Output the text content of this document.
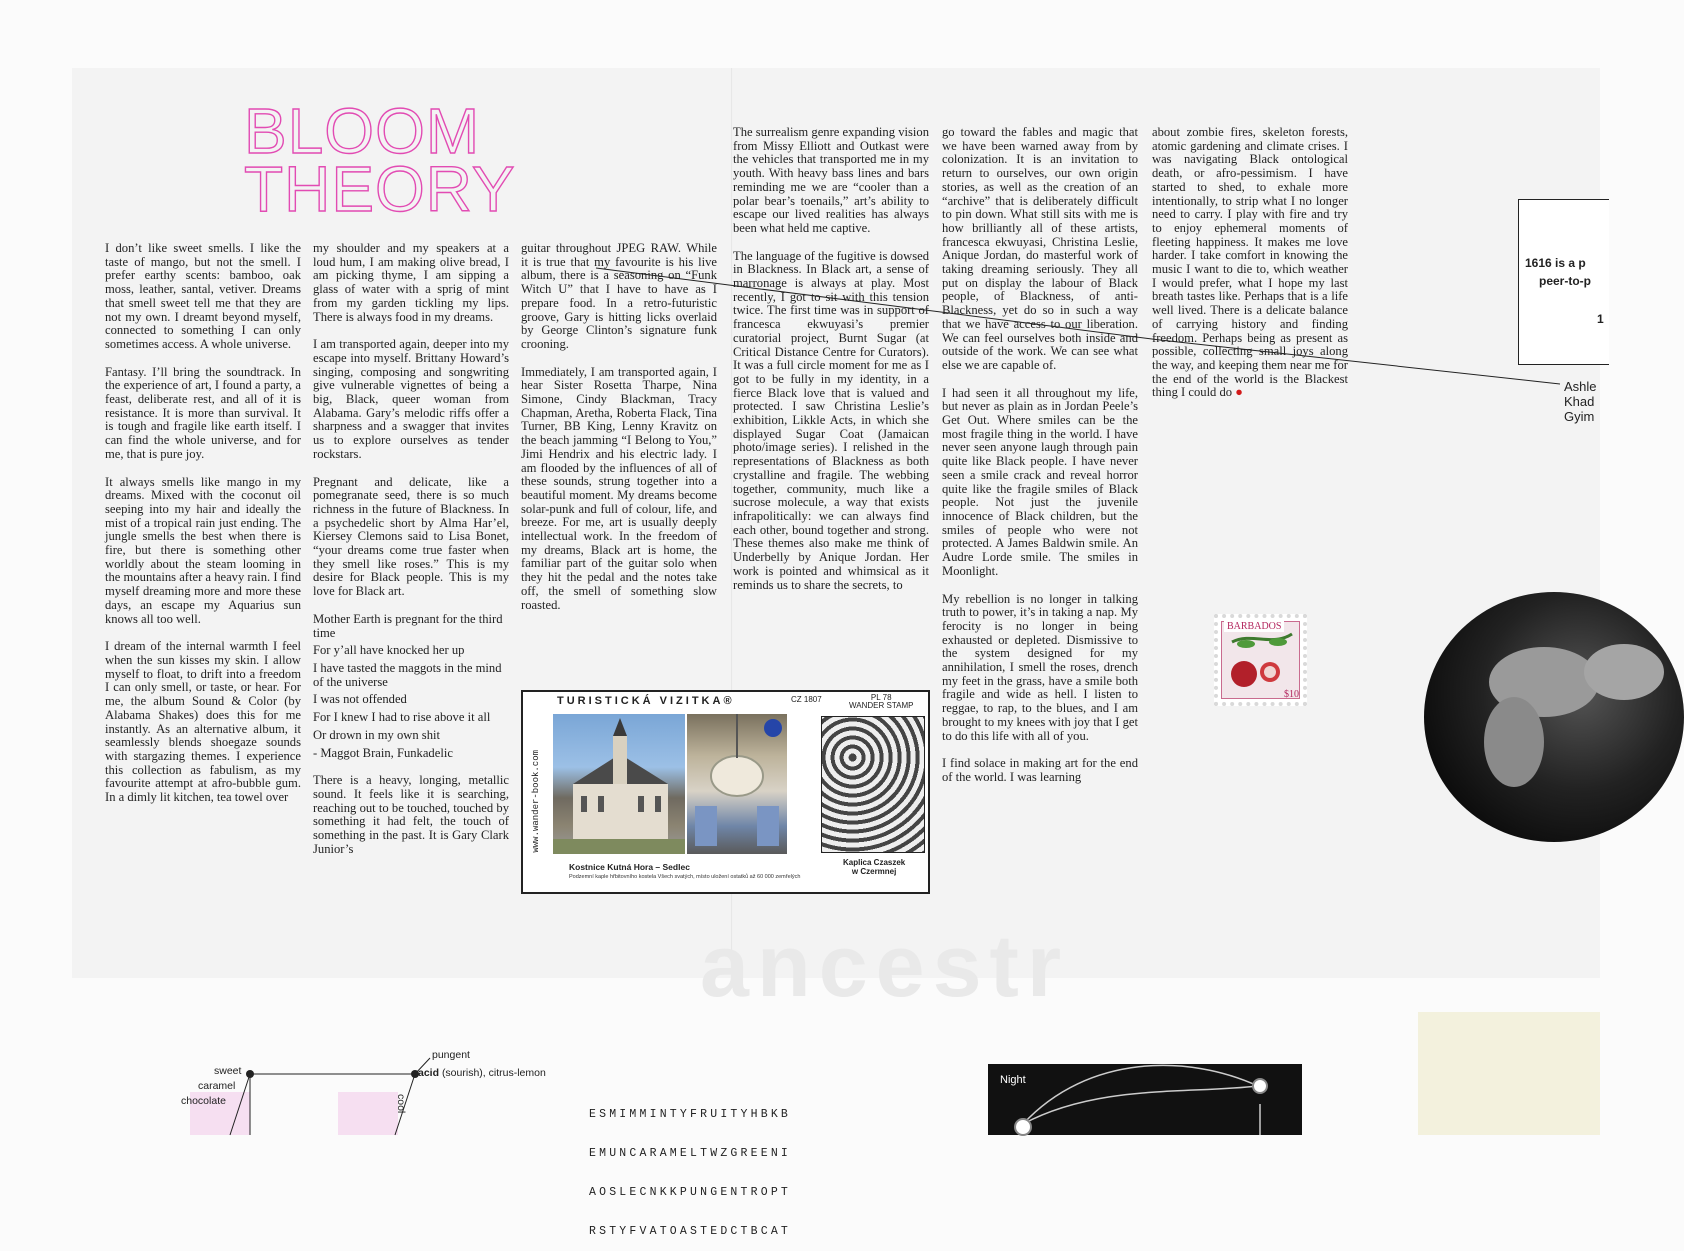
ancestr
BLOOM
THEORY

I don’t like sweet smells. I like the taste of mango, but not the smell. I prefer earthy scents: bamboo, oak moss, leather, santal, vetiver. Dreams that smell sweet tell me that they are not my own. I dreamt beyond myself, connected to something I can only sometimes access. A whole universe.

Fantasy. I’ll bring the soundtrack. In the experience of art, I found a party, a feast, deliberate rest, and all of it is resistance. It is more than survival. It is tough and fragile like earth itself. I can find the whole universe, and for me, that is pure joy.

It always smells like mango in my dreams. Mixed with the coconut oil seeping into my hair and ideally the mist of a tropical rain just ending. The jungle smells the best when there is fire, but there is something other worldly about the steam looming in the mountains after a heavy rain. I find myself dreaming more and more these days, an escape my Aquarius sun knows all too well.

I dream of the internal warmth I feel when the sun kisses my skin. I allow myself to float, to drift into a freedom I can only smell, or taste, or hear. For me, the album Sound & Color (by Alabama Shakes) does this for me instantly. As an alternative album, it seamlessly blends shoegaze sounds with stargazing themes. I experience this collection as fabulism, as my favourite attempt at afro-bubble gum. In a dimly lit kitchen, tea towel over

my shoulder and my speakers at a loud hum, I am making olive bread, I am picking thyme, I am sipping a glass of water with a sprig of mint from my garden tickling my lips. There is always food in my dreams.

I am transported again, deeper into my escape into myself. Brittany Howard’s singing, composing and songwriting give vulnerable vignettes of being a big, Black, queer woman from Alabama. Gary’s melodic riffs offer a sharpness and a swagger that invites us to explore ourselves as tender rockstars.

Pregnant and delicate, like a pomegranate seed, there is so much richness in the future of Blackness. In a psychedelic short by Alma Har’el, Kiersey Clemons said to Lisa Bonet, “your dreams come true faster when they smell like roses.” This is my desire for Black people. This is my love for Black art.

Mother Earth is pregnant for the third time

For y’all have knocked her up

I have tasted the maggots in the mind of the universe

I was not offended

For I knew I had to rise above it all

Or drown in my own shit

- Maggot Brain, Funkadelic

There is a heavy, longing, metallic sound. It feels like it is searching, reaching out to be touched, touched by something it had felt, the touch of something in the past. It is Gary Clark Junior’s

guitar throughout JPEG RAW. While it is true that my favourite is his live album, there is a seasoning on “Funk Witch U” that I have to have as I prepare food. In a retro-futuristic groove, Gary is hitting licks overlaid by George Clinton’s signature funk crooning.

Immediately, I am transported again, I hear Sister Rosetta Tharpe, Nina Simone, Cindy Blackman, Tracy Chapman, Aretha, Roberta Flack, Tina Turner, BB King, Lenny Kravitz on the beach jamming “I Belong to You,” Jimi Hendrix and his electric lady. I am flooded by the influences of all of these sounds, strung together into a beautiful moment. My dreams become solar-punk and full of colour, life, and breeze. For me, art is usually deeply intellectual work. In the freedom of my dreams, Black art is home, the familiar part of the guitar solo when they hit the pedal and the notes take off, the smell of something slow roasted.

The surrealism genre expanding vision from Missy Elliott and Outkast were the vehicles that transported me in my youth. With heavy bass lines and bars reminding me we are “cooler than a polar bear’s toenails,” art’s ability to escape our lived realities has always been what held me captive.

The language of the fugitive is dowsed in Blackness. In Black art, a sense of marronage is always at play. Most recently, I got to sit with this tension twice. The first time was in support of francesca ekwuyasi’s premier curatorial project, Burnt Sugar (at Critical Distance Centre for Curators). It was a full circle moment for me as I got to be fully in my identity, in a fierce Black love that is valued and protected. I saw Christina Leslie’s exhibition, Likkle Acts, in which she displayed Sugar Coat (Jamaican photo/image series). I relished in the representations of Blackness as both crystalline and fragile. The webbing together, community, much like a sucrose molecule, a way that exists infrapolitically: we can always find each other, bound together and strong. These themes also make me think of Underbelly by Anique Jordan. Her work is pointed and whimsical as it reminds us to share the secrets, to

go toward the fables and magic that we have been warned away from by colonization. It is an invitation to return to ourselves, our own origin stories, as well as the creation of an “archive” that is deliberately difficult to pin down. What still sits with me is how brilliantly all of these artists, francesca ekwuyasi, Christina Leslie, Anique Jordan, do masterful work of taking dreaming seriously. They all put on display the labour of Black people, of Blackness, of anti-Blackness, yet do so in such a way that we have access to our liberation. We can feel ourselves both inside and outside of the work. We can see what else we are capable of.

I had seen it all throughout my life, but never as plain as in Jordan Peele’s Get Out. Where smiles can be the most fragile thing in the world. I have never seen anyone laugh through pain quite like Black people. I have never seen a smile crack and reveal horror quite like the fragile smiles of Black people. Not just the juvenile innocence of Black children, but the smiles of people who were not protected. A James Baldwin smile. An Audre Lorde smile. The smiles in Moonlight.

My rebellion is no longer in talking truth to power, it’s in taking a nap. My ferocity is no longer in being exhausted or depleted. Dismissive to the system designed for my annihilation, I smell the roses, drench my feet in the grass, have a smile both fragile and wide as hell. I listen to reggae, to rap, to the blues, and I am brought to my knees with joy that I get to do this life with all of you.

I find solace in making art for the end of the world. I was learning

about zombie fires, skeleton forests, atomic gardening and climate crises. I was navigating Black ontological death, or afro-pessimism. I have started to shed, to exhale more intentionally, to strip what I no longer need to carry. I play with fire and try to enjoy ephemeral moments of fleeting happiness. It makes me love harder. I take comfort in knowing the music I want to die to, which weather I would prefer, what I hope my last breath tastes like. Perhaps that is a life well lived. There is a delicate balance of carrying history and finding freedom. Perhaps being as present as possible, collecting small joys along the way, and keeping them near me for the end of the world is the Blackest thing I could do ●

TURISTICKÁ VIZITKA®	CZ 1807	PL 78
WANDER STAMP
www.wander-book.com
Kostnice Kutná Hora – Sedlec
Podzemní kaple hřbitovního kostela Všech svatých, místo uložení ostatků až 60 000 zemřelých
Kaplica Czaszek
w Czermnej
BARBADOS
$10
1616 is a p
peer-to-p
1
Ashle
Khad
Gyim
sweet
caramel
chocolate
pungent
acid (sourish), citrus-lemon
cool

ESMIMMINTYFRUITYHBKB

EMUNCARAMELTWZGREENI

AOSLECNKKPUNGENTROPT

RSTYFVATOASTEDCTBCAT

Night
